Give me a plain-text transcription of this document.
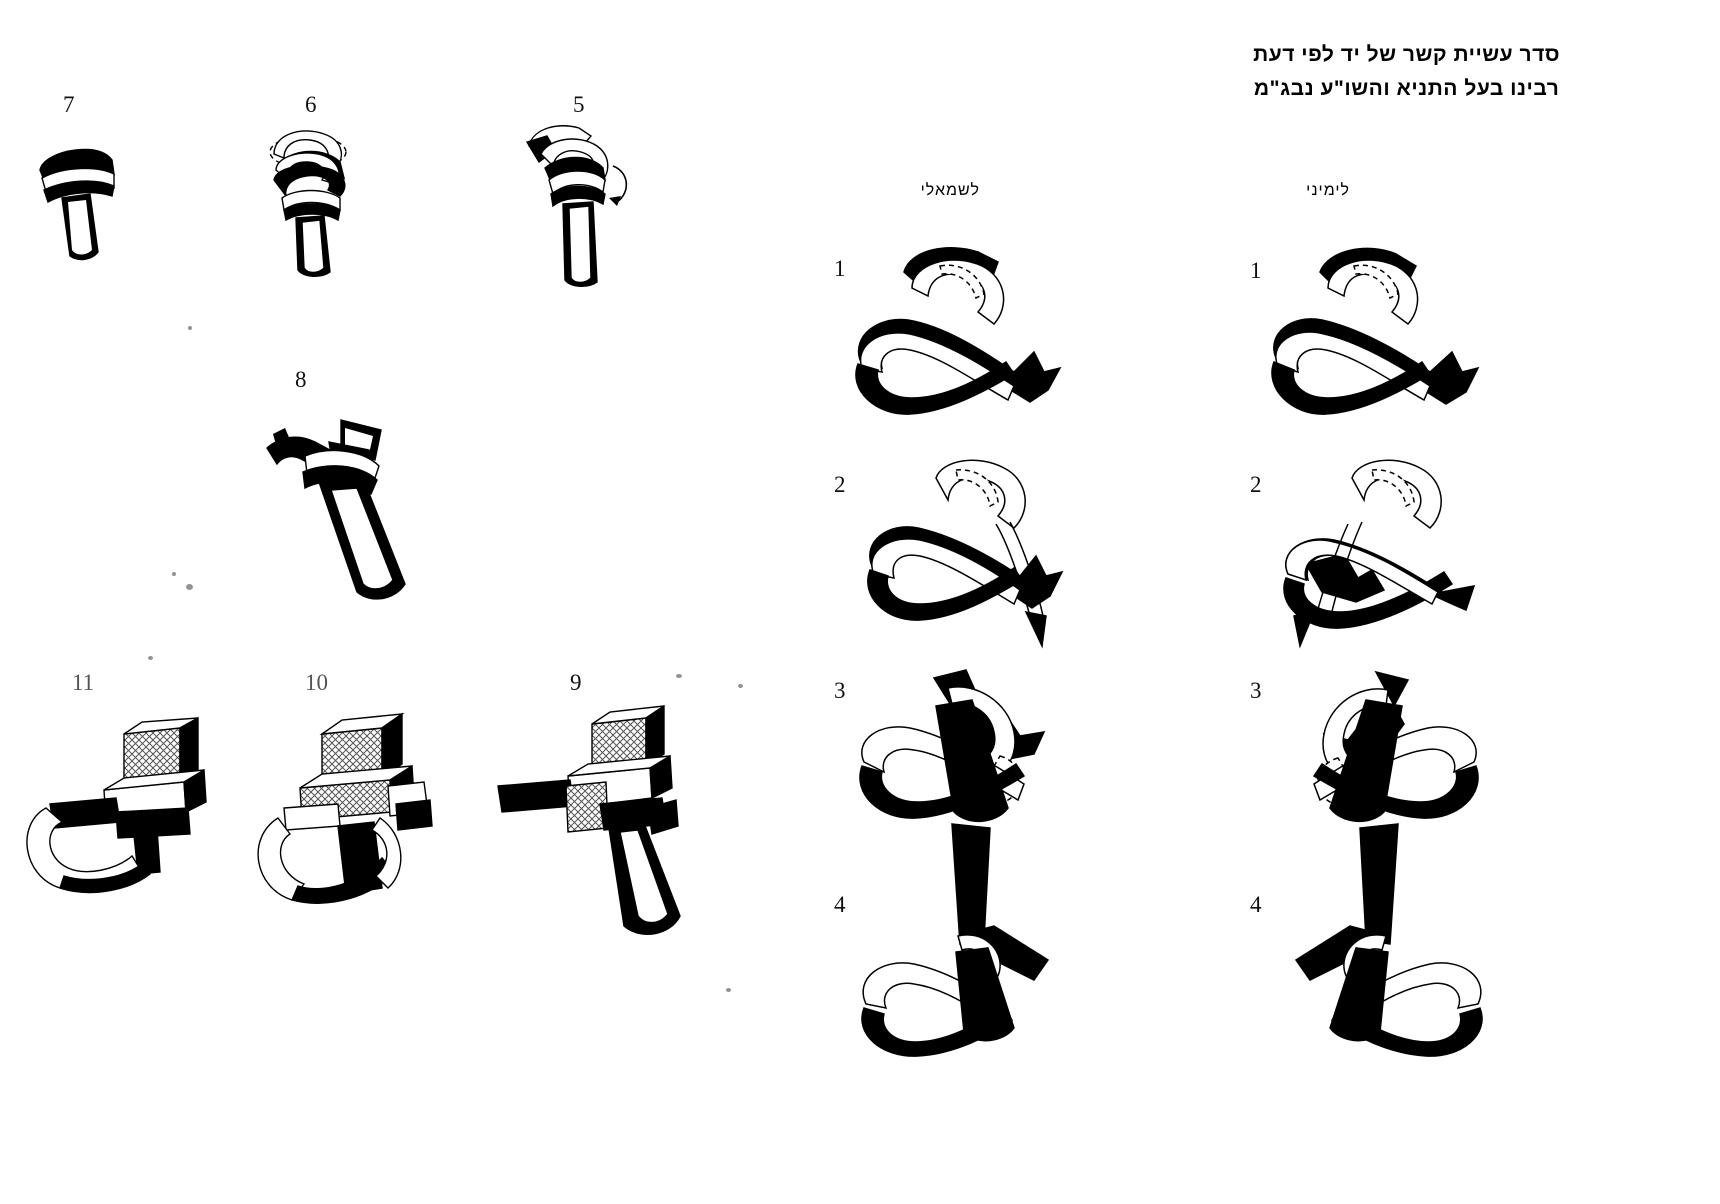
סדר עשיית קשר של יד לפי דעת
רבינו בעל התניא והשו"ע נבג"מ
לימיני
לשמאלי
7	6	5
8
11	10	9
1
2
3
4
1
2
3
4
